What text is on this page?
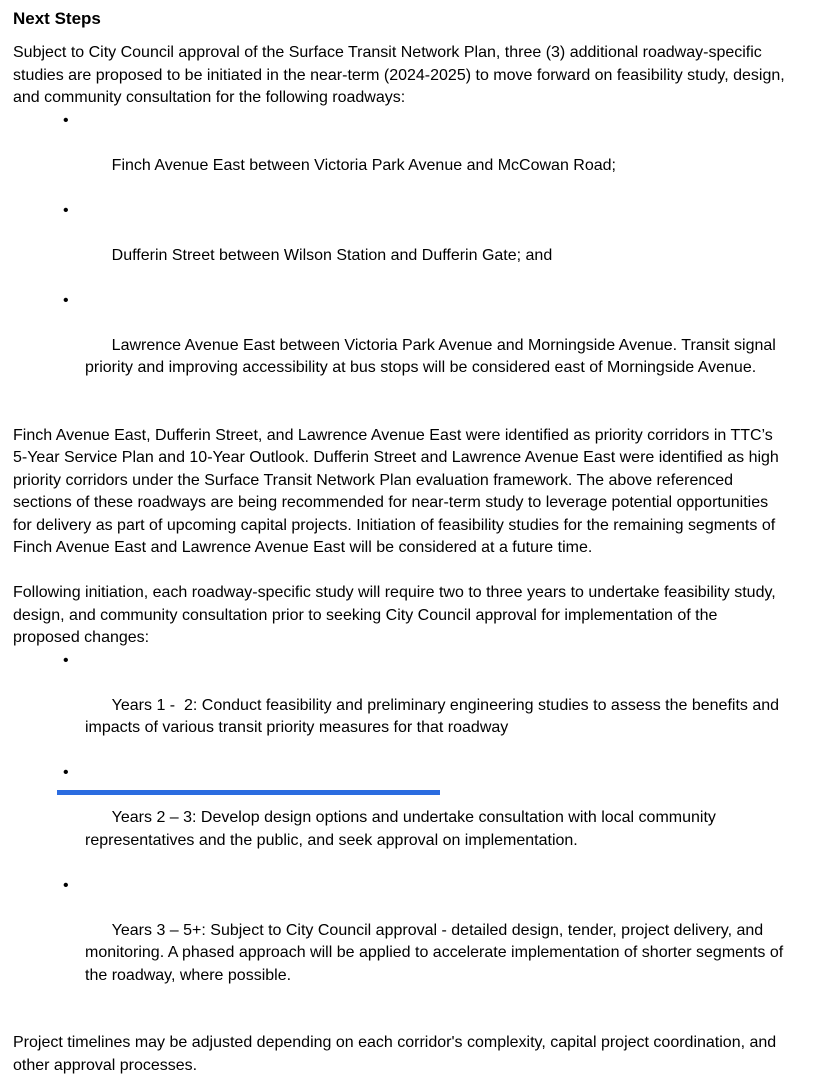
Next Steps

Subject to City Council approval of the Surface Transit Network Plan, three (3) additional roadway-specific studies are proposed to be initiated in the near-term (2024-2025) to move forward on feasibility study, design, and community consultation for the following roadways:

•

Finch Avenue East between Victoria Park Avenue and McCowan Road;

•

Dufferin Street between Wilson Station and Dufferin Gate; and

•

Lawrence Avenue East between Victoria Park Avenue and Morningside Avenue. Transit signal priority and improving accessibility at bus stops will be considered east of Morningside Avenue.

Finch Avenue East, Dufferin Street, and Lawrence Avenue East were identified as priority corridors in TTC’s 5-Year Service Plan and 10-Year Outlook. Dufferin Street and Lawrence Avenue East were identified as high priority corridors under the Surface Transit Network Plan evaluation framework. The above referenced sections of these roadways are being recommended for near-term study to leverage potential opportunities for delivery as part of upcoming capital projects. Initiation of feasibility studies for the remaining segments of Finch Avenue East and Lawrence Avenue East will be considered at a future time.

Following initiation, each roadway-specific study will require two to three years to undertake feasibility study, design, and community consultation prior to seeking City Council approval for implementation of the proposed changes:

•

Years 1 -  2: Conduct feasibility and preliminary engineering studies to assess the benefits and impacts of various transit priority measures for that roadway

•

Years 2 – 3: Develop design options and undertake consultation with local community representatives and the public, and seek approval on implementation.

•

Years 3 – 5+: Subject to City Council approval - detailed design, tender, project delivery, and monitoring. A phased approach will be applied to accelerate implementation of shorter segments of the roadway, where possible.

Project timelines may be adjusted depending on each corridor's complexity, capital project coordination, and other approval processes.
